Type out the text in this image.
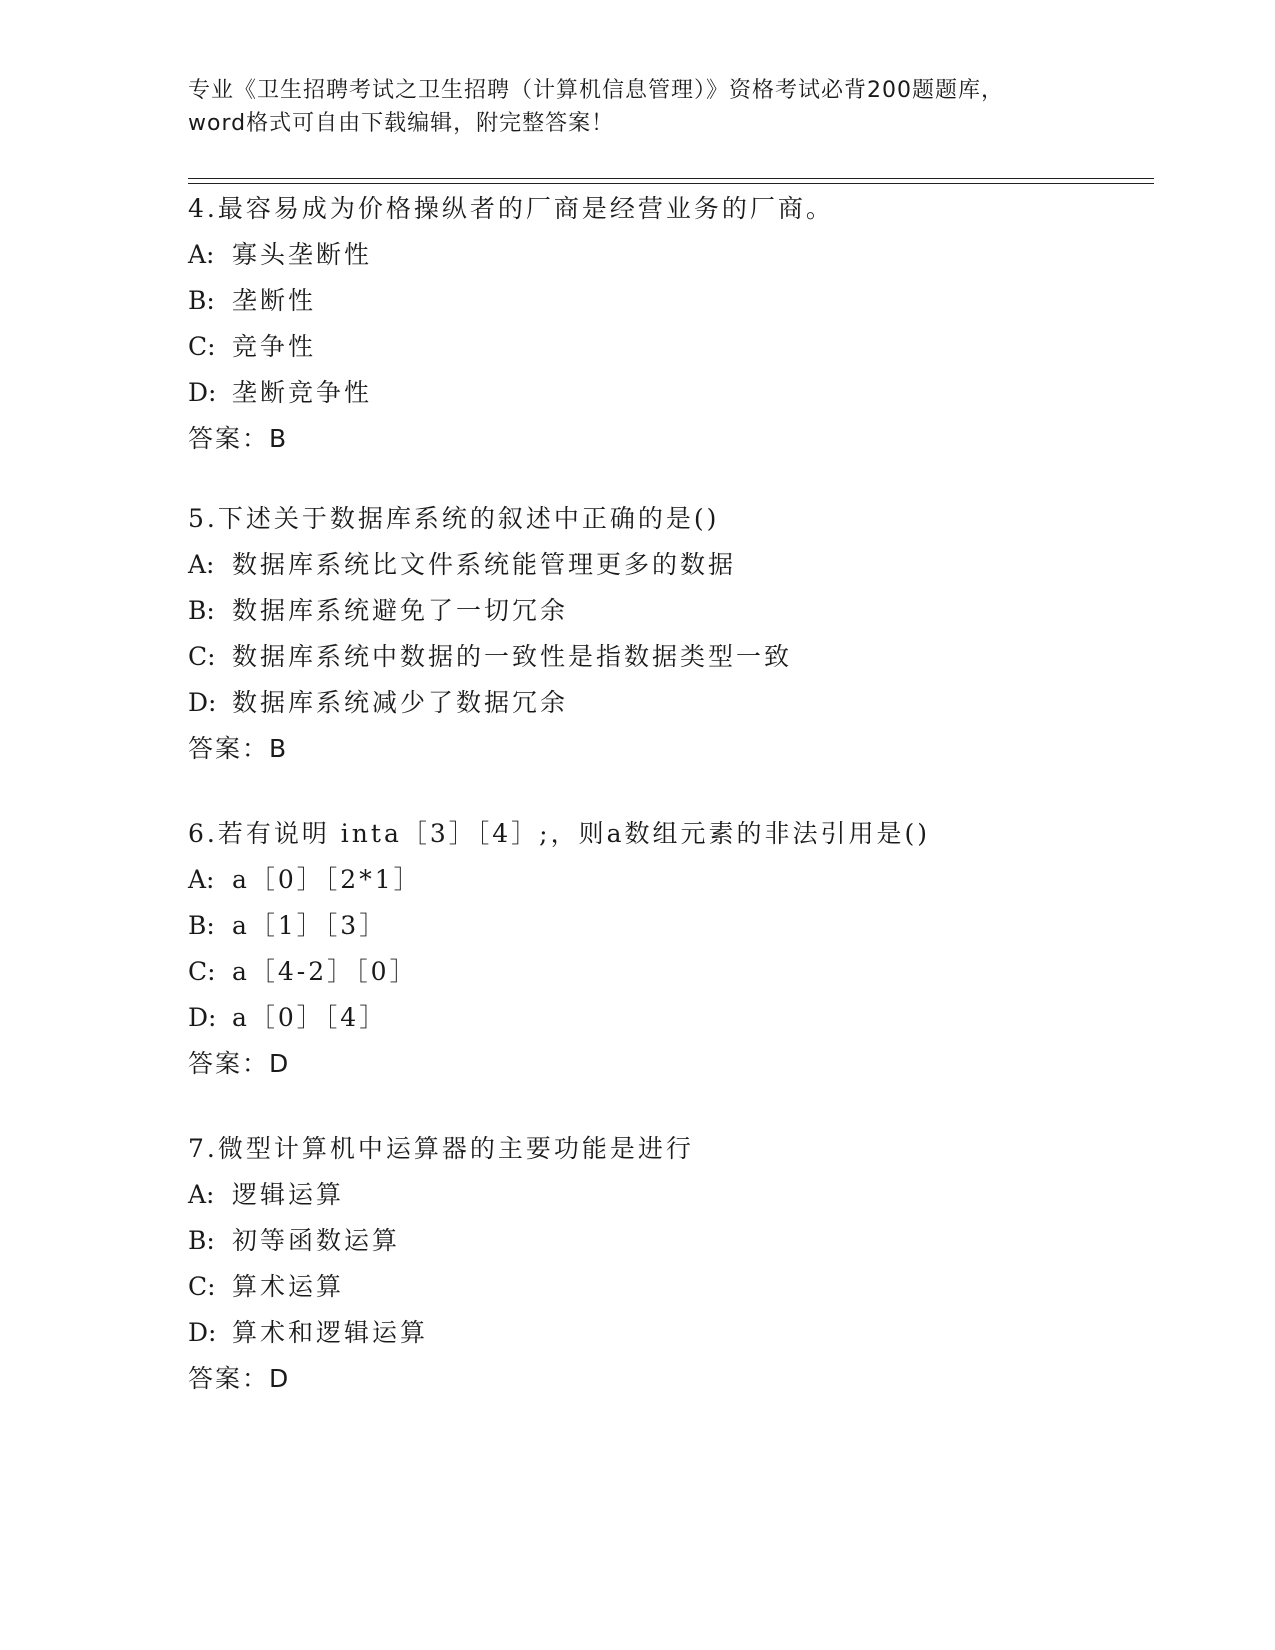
专业《卫生招聘考试之卫生招聘（计算机信息管理）》资格考试必背200题题库，
word格式可自由下载编辑，附完整答案！
4.最容易成为价格操纵者的厂商是经营业务的厂商。
A: 寡头垄断性
B: 垄断性
C: 竞争性
D: 垄断竞争性
答案：B
5.下述关于数据库系统的叙述中正确的是()
A: 数据库系统比文件系统能管理更多的数据
B: 数据库系统避免了一切冗余
C: 数据库系统中数据的一致性是指数据类型一致
D: 数据库系统减少了数据冗余
答案：B
6.若有说明 inta［3］［4］;，则a数组元素的非法引用是()
A: a［0］［2*1］
B: a［1］［3］
C: a［4-2］［0］
D: a［0］［4］
答案：D
7.微型计算机中运算器的主要功能是进行
A: 逻辑运算
B: 初等函数运算
C: 算术运算
D: 算术和逻辑运算
答案：D
